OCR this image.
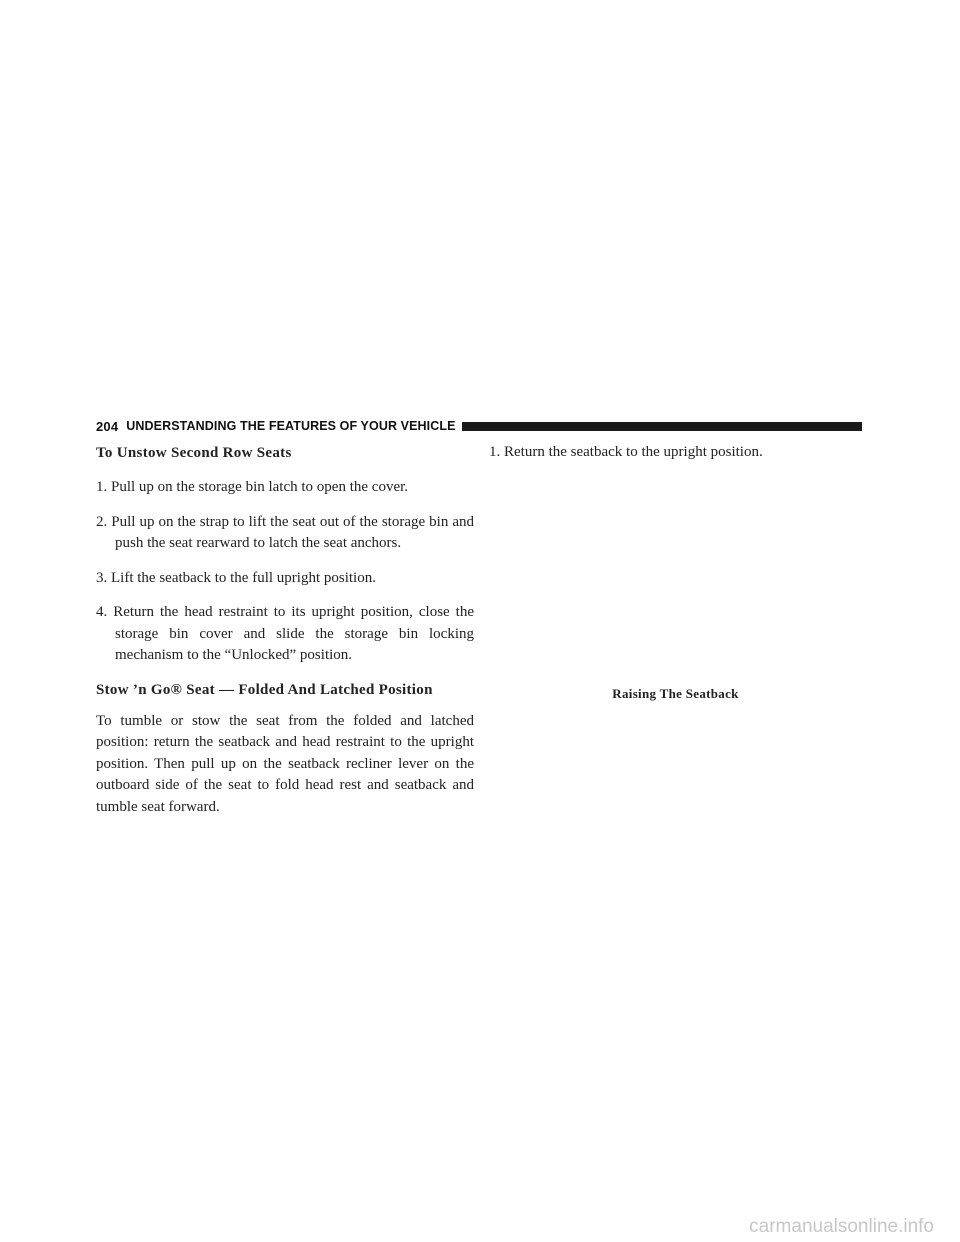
204 UNDERSTANDING THE FEATURES OF YOUR VEHICLE
To Unstow Second Row Seats
1. Pull up on the storage bin latch to open the cover.
2. Pull up on the strap to lift the seat out of the storage bin and push the seat rearward to latch the seat anchors.
3. Lift the seatback to the full upright position.
4. Return the head restraint to its upright position, close the storage bin cover and slide the storage bin locking mechanism to the “Unlocked” position.
Stow ’n Go® Seat — Folded And Latched Position

To tumble or stow the seat from the folded and latched position: return the seatback and head restraint to the upright position. Then pull up on the seatback recliner lever on the outboard side of the seat to fold head rest and seatback and tumble seat forward.

1. Return the seatback to the upright position.
Raising The Seatback
carmanualsonline.info
